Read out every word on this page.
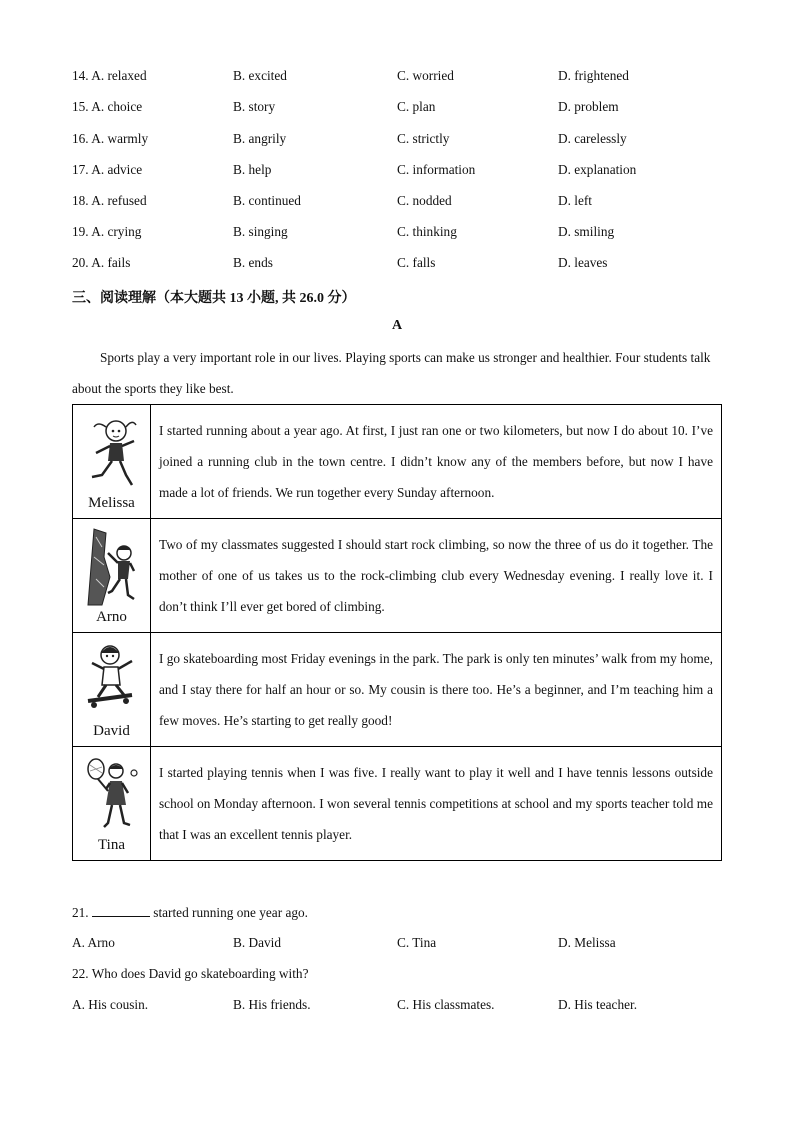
14. A. relaxed	B. excited	C. worried	D. frightened
15. A. choice	B. story	C. plan	D. problem
16. A. warmly	B. angrily	C. strictly	D. carelessly
17. A. advice	B. help	C. information	D. explanation
18. A. refused	B. continued	C. nodded	D. left
19. A. crying	B. singing	C. thinking	D. smiling
20. A. fails	B. ends	C. falls	D. leaves
三、阅读理解（本大题共 13 小题, 共 26.0 分）
A
Sports play a very important role in our lives. Playing sports can make us stronger and healthier. Four students talk about the sports they like best.
Melissa	I started running about a year ago. At first, I just ran one or two kilometers, but now I do about 10. I’ve joined a running club in the town centre. I didn’t know any of the members before, but now I have made a lot of friends. We run together every Sunday afternoon.

Arno	Two of my classmates suggested I should start rock climbing, so now the three of us do it together. The mother of one of us takes us to the rock-climbing club every Wednesday evening. I really love it. I don’t think I’ll ever get bored of climbing.

David	I go skateboarding most Friday evenings in the park. The park is only ten minutes’ walk from my home, and I stay there for half an hour or so. My cousin is there too. He’s a beginner, and I’m teaching him a few moves. He’s starting to get really good!

Tina	I started playing tennis when I was five. I really want to play it well and I have tennis lessons outside school on Monday afternoon. I won several tennis competitions at school and my sports teacher told me that I was an excellent tennis player.
21.	started running one year ago.
A. Arno	B. David	C. Tina	D. Melissa
22. Who does David go skateboarding with?
A. His cousin.	B. His friends.	C. His classmates.	D. His teacher.
